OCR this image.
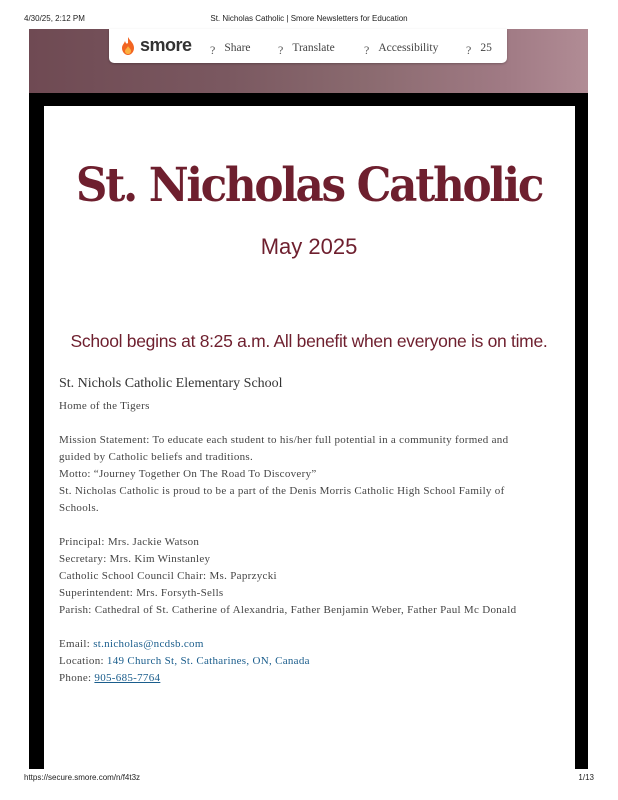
4/30/25, 2:12 PM	St. Nicholas Catholic | Smore Newsletters for Education
smore ? Share ? Translate ? Accessibility ? 25
St. Nicholas Catholic
May 2025
School begins at 8:25 a.m. All benefit when everyone is on time.
St. Nichols Catholic Elementary School
Home of the Tigers
Mission Statement: To educate each student to his/her full potential in a community formed and
guided by Catholic beliefs and traditions.
Motto: “Journey Together On The Road To Discovery”
St. Nicholas Catholic is proud to be a part of the Denis Morris Catholic High School Family of
Schools.
Principal: Mrs. Jackie Watson
Secretary: Mrs. Kim Winstanley
Catholic School Council Chair: Ms. Paprzycki
Superintendent: Mrs. Forsyth-Sells
Parish: Cathedral of St. Catherine of Alexandria, Father Benjamin Weber, Father Paul Mc Donald
Email: st.nicholas@ncdsb.com
Location: 149 Church St, St. Catharines, ON, Canada
Phone: 905-685-7764
https://secure.smore.com/n/f4t3z	1/13
